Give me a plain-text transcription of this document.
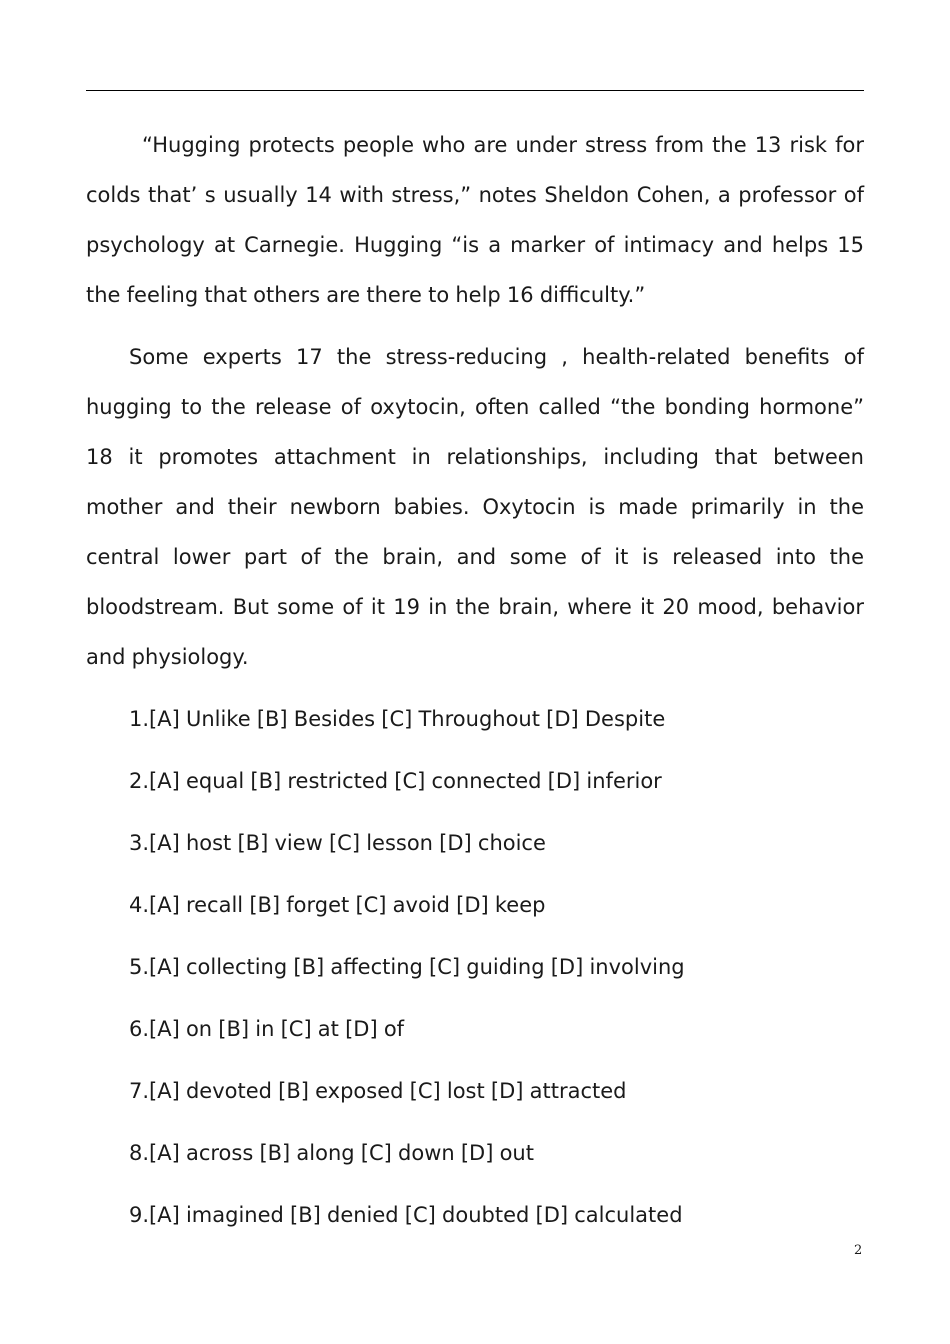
“Hugging protects people who are under stress from the 13 risk for colds that’ s usually 14 with stress,” notes Sheldon Cohen, a professor of psychology at Carnegie. Hugging “is a marker of intimacy and helps 15 the feeling that others are there to help 16 difficulty.”

Some experts 17 the stress-reducing , health-related benefits of hugging to the release of oxytocin, often called “the bonding hormone” 18 it promotes attachment in relationships, including that between mother and their newborn babies. Oxytocin is made primarily in the central lower part of the brain, and some of it is released into the bloodstream. But some of it 19 in the brain, where it 20 mood, behavior and physiology.

1.[A] Unlike [B] Besides [C] Throughout [D] Despite
2.[A] equal [B] restricted [C] connected [D] inferior
3.[A] host [B] view [C] lesson [D] choice
4.[A] recall [B] forget [C] avoid [D] keep
5.[A] collecting [B] affecting [C] guiding [D] involving
6.[A] on [B] in [C] at [D] of
7.[A] devoted [B] exposed [C] lost [D] attracted
8.[A] across [B] along [C] down [D] out
9.[A] imagined [B] denied [C] doubted [D] calculated
2
